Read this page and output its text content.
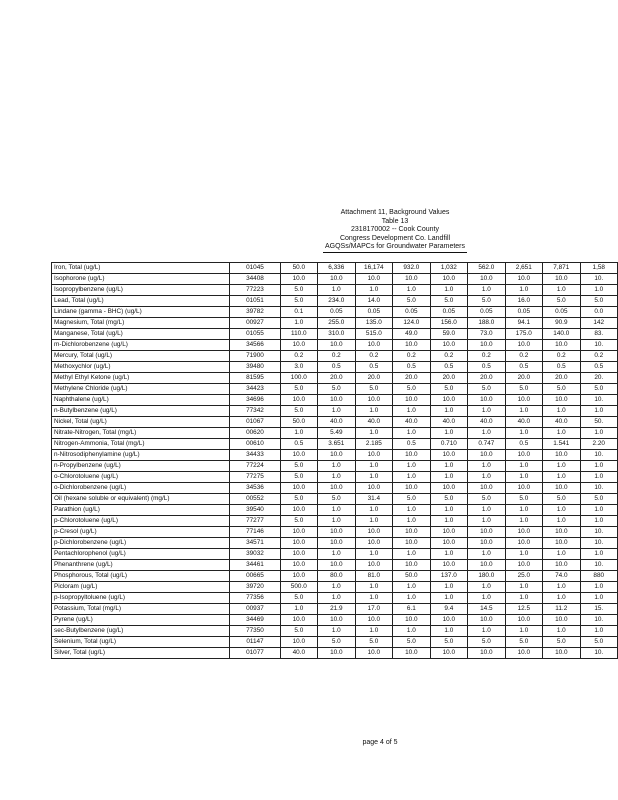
Attachment 11, Background Values
Table 13
2318170002 -- Cook County
Congress Development Co. Landfill
AGQSs/MAPCs for Groundwater Parameters
Iron, Total (ug/L)	01045	50.0	6,336	16,174	932.0	1,032	562.0	2,651	7,871	1,58
Isophorone (ug/L)	34408	10.0	10.0	10.0	10.0	10.0	10.0	10.0	10.0	10.
Isopropylbenzene (ug/L)	77223	5.0	1.0	1.0	1.0	1.0	1.0	1.0	1.0	1.0
Lead, Total (ug/L)	01051	5.0	234.0	14.0	5.0	5.0	5.0	16.0	5.0	5.0
Lindane (gamma - BHC) (ug/L)	39782	0.1	0.05	0.05	0.05	0.05	0.05	0.05	0.05	0.0
Magnesium, Total (mg/L)	00927	1.0	255.0	135.0	124.0	156.0	188.0	94.1	90.9	142
Manganese, Total (ug/L)	01055	110.0	310.0	515.0	49.0	59.0	73.0	175.0	140.0	83.
m-Dichlorobenzene (ug/L)	34566	10.0	10.0	10.0	10.0	10.0	10.0	10.0	10.0	10.
Mercury, Total (ug/L)	71900	0.2	0.2	0.2	0.2	0.2	0.2	0.2	0.2	0.2
Methoxychlor (ug/L)	39480	3.0	0.5	0.5	0.5	0.5	0.5	0.5	0.5	0.5
Methyl Ethyl Ketone (ug/L)	81595	100.0	20.0	20.0	20.0	20.0	20.0	20.0	20.0	20.
Methylene Chloride (ug/L)	34423	5.0	5.0	5.0	5.0	5.0	5.0	5.0	5.0	5.0
Naphthalene (ug/L)	34696	10.0	10.0	10.0	10.0	10.0	10.0	10.0	10.0	10.
n-Butylbenzene (ug/L)	77342	5.0	1.0	1.0	1.0	1.0	1.0	1.0	1.0	1.0
Nickel, Total (ug/L)	01067	50.0	40.0	40.0	40.0	40.0	40.0	40.0	40.0	50.
Nitrate-Nitrogen, Total (mg/L)	00620	1.0	5.49	1.0	1.0	1.0	1.0	1.0	1.0	1.0
Nitrogen-Ammonia, Total (mg/L)	00610	0.5	3.651	2.185	0.5	0.710	0.747	0.5	1.541	2.20
n-Nitrosodiphenylamine (ug/L)	34433	10.0	10.0	10.0	10.0	10.0	10.0	10.0	10.0	10.
n-Propylbenzene (ug/L)	77224	5.0	1.0	1.0	1.0	1.0	1.0	1.0	1.0	1.0
o-Chlorotoluene (ug/L)	77275	5.0	1.0	1.0	1.0	1.0	1.0	1.0	1.0	1.0
o-Dichlorobenzene (ug/L)	34536	10.0	10.0	10.0	10.0	10.0	10.0	10.0	10.0	10.
Oil (hexane soluble or equivalent) (mg/L)	00552	5.0	5.0	31.4	5.0	5.0	5.0	5.0	5.0	5.0
Parathion (ug/L)	39540	10.0	1.0	1.0	1.0	1.0	1.0	1.0	1.0	1.0
p-Chlorotoluene (ug/L)	77277	5.0	1.0	1.0	1.0	1.0	1.0	1.0	1.0	1.0
p-Cresol (ug/L)	77146	10.0	10.0	10.0	10.0	10.0	10.0	10.0	10.0	10.
p-Dichlorobenzene (ug/L)	34571	10.0	10.0	10.0	10.0	10.0	10.0	10.0	10.0	10.
Pentachlorophenol (ug/L)	39032	10.0	1.0	1.0	1.0	1.0	1.0	1.0	1.0	1.0
Phenanthrene (ug/L)	34461	10.0	10.0	10.0	10.0	10.0	10.0	10.0	10.0	10.
Phosphorous, Total (ug/L)	00665	10.0	80.0	81.0	50.0	137.0	180.0	25.0	74.0	880
Picloram (ug/L)	39720	500.0	1.0	1.0	1.0	1.0	1.0	1.0	1.0	1.0
p-Isopropyltoluene (ug/L)	77356	5.0	1.0	1.0	1.0	1.0	1.0	1.0	1.0	1.0
Potassium, Total (mg/L)	00937	1.0	21.9	17.0	6.1	9.4	14.5	12.5	11.2	15.
Pyrene (ug/L)	34469	10.0	10.0	10.0	10.0	10.0	10.0	10.0	10.0	10.
sec-Butylbenzene (ug/L)	77350	5.0	1.0	1.0	1.0	1.0	1.0	1.0	1.0	1.0
Selenium, Total (ug/L)	01147	10.0	5.0	5.0	5.0	5.0	5.0	5.0	5.0	5.0
Silver, Total (ug/L)	01077	40.0	10.0	10.0	10.0	10.0	10.0	10.0	10.0	10.
page 4 of 5
